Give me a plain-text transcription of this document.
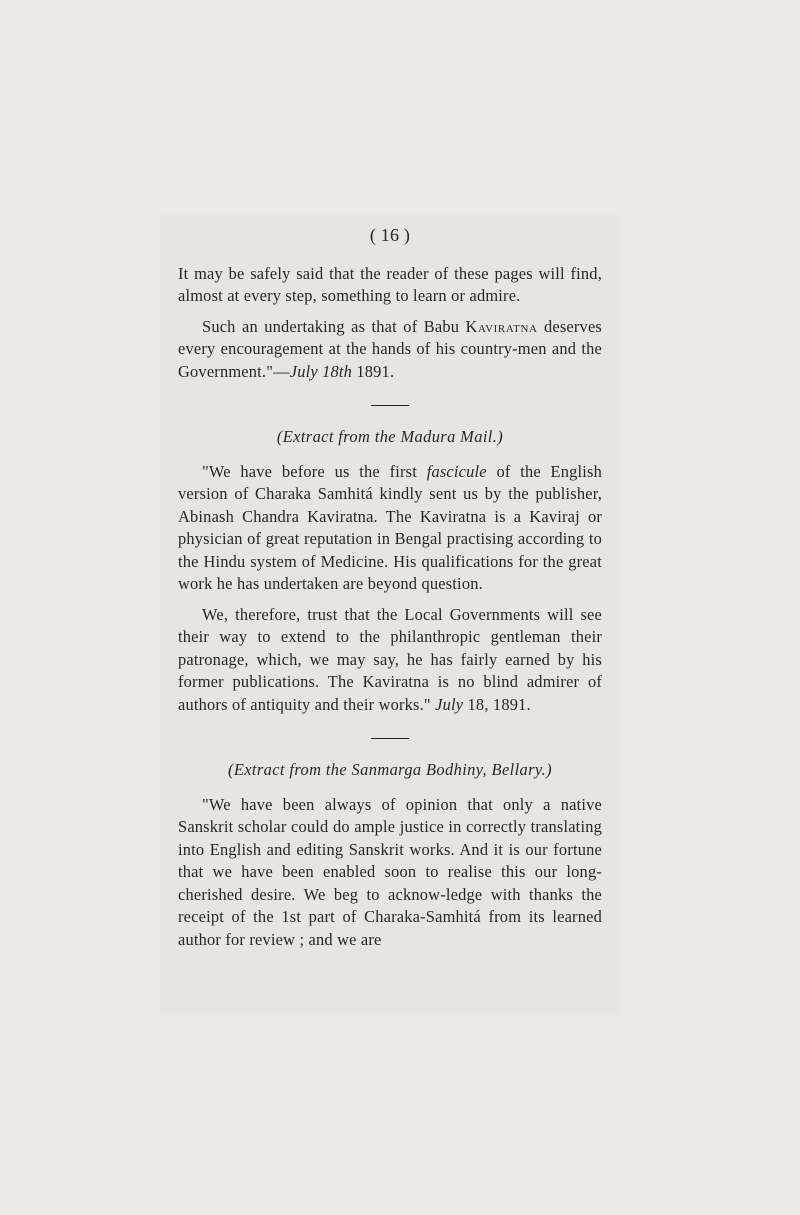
( 16 )

It may be safely said that the reader of these pages will find, almost at every step, something to learn or admire.

Such an undertaking as that of Babu Kaviratna deserves every encouragement at the hands of his country-men and the Government."—July 18th 1891.

(Extract from the Madura Mail.)

"We have before us the first fascicule of the English version of Charaka Samhitá kindly sent us by the publisher, Abinash Chandra Kaviratna. The Kaviratna is a Kaviraj or physician of great reputation in Bengal practising according to the Hindu system of Medicine. His qualifications for the great work he has undertaken are beyond question.

We, therefore, trust that the Local Governments will see their way to extend to the philanthropic gentleman their patronage, which, we may say, he has fairly earned by his former publications. The Kaviratna is no blind admirer of authors of antiquity and their works." July 18, 1891.

(Extract from the Sanmarga Bodhiny, Bellary.)

"We have been always of opinion that only a native Sanskrit scholar could do ample justice in correctly translating into English and editing Sanskrit works. And it is our fortune that we have been enabled soon to realise this our long-cherished desire. We beg to acknow-ledge with thanks the receipt of the 1st part of Charaka-Samhitá from its learned author for review ; and we are
